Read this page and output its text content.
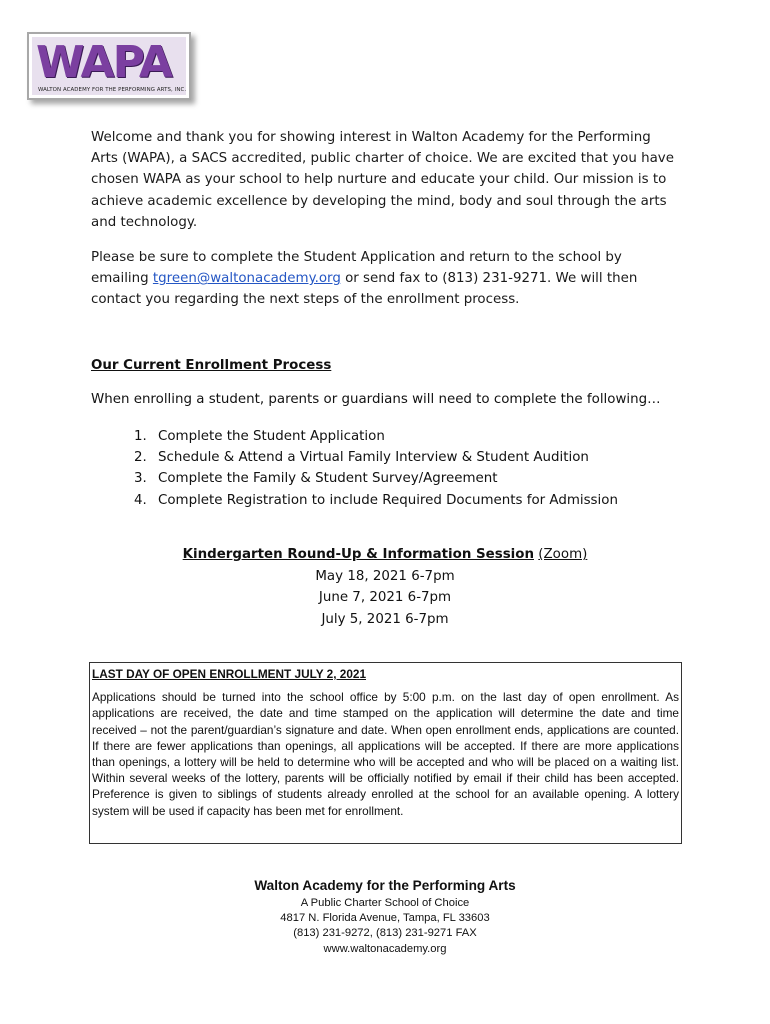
WAPA
WALTON ACADEMY FOR THE PERFORMING ARTS, INC.

Welcome and thank you for showing interest in Walton Academy for the Performing Arts (WAPA), a SACS accredited, public charter of choice. We are excited that you have chosen WAPA as your school to help nurture and educate your child. Our mission is to achieve academic excellence by developing the mind, body and soul through the arts and technology.

Please be sure to complete the Student Application and return to the school by emailing tgreen@waltonacademy.org or send fax to (813) 231-9271. We will then contact you regarding the next steps of the enrollment process.

Our Current Enrollment Process

When enrolling a student, parents or guardians will need to complete the following…

1. Complete the Student Application
2. Schedule & Attend a Virtual Family Interview & Student Audition
3. Complete the Family & Student Survey/Agreement
4. Complete Registration to include Required Documents for Admission
Kindergarten Round-Up & Information Session (Zoom)
May 18, 2021 6-7pm
June 7, 2021 6-7pm
July 5, 2021 6-7pm

LAST DAY OF OPEN ENROLLMENT JULY 2, 2021

Applications should be turned into the school office by 5:00 p.m. on the last day of open enrollment. As applications are received, the date and time stamped on the application will determine the date and time received – not the parent/guardian’s signature and date. When open enrollment ends, applications are counted. If there are fewer applications than openings, all applications will be accepted. If there are more applications than openings, a lottery will be held to determine who will be accepted and who will be placed on a waiting list. Within several weeks of the lottery, parents will be officially notified by email if their child has been accepted. Preference is given to siblings of students already enrolled at the school for an available opening. A lottery system will be used if capacity has been met for enrollment.

Walton Academy for the Performing Arts
A Public Charter School of Choice
4817 N. Florida Avenue, Tampa, FL 33603
(813) 231-9272, (813) 231-9271 FAX
www.waltonacademy.org
